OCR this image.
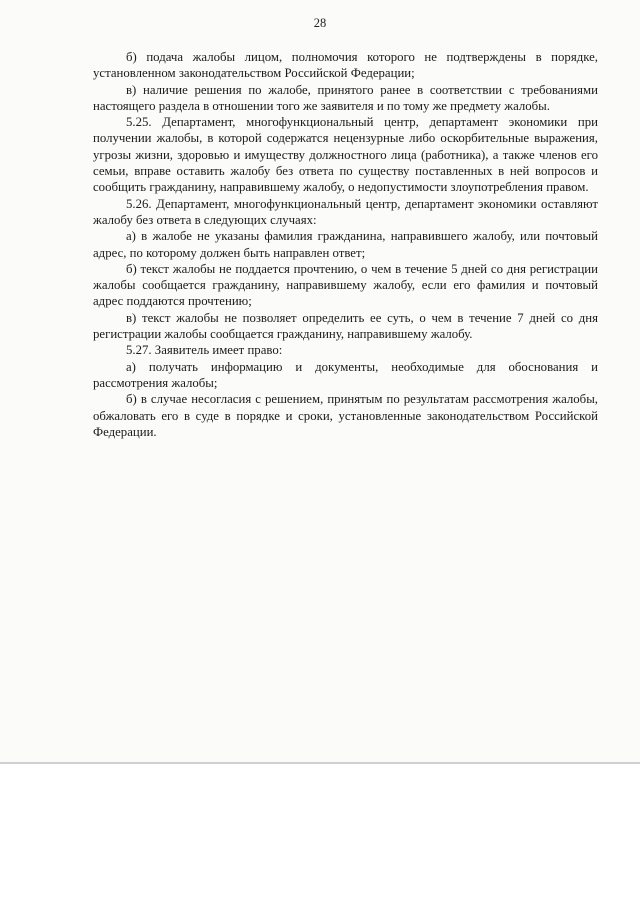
28

б) подача жалобы лицом, полномочия которого не подтверждены в порядке, установленном законодательством Российской Федерации;

в) наличие решения по жалобе, принятого ранее в соответствии с требованиями настоящего раздела в отношении того же заявителя и по тому же предмету жалобы.

5.25. Департамент, многофункциональный центр, департамент экономики при получении жалобы, в которой содержатся нецензурные либо оскорбительные выражения, угрозы жизни, здоровью и имуществу должностного лица (работника), а также членов его семьи, вправе оставить жалобу без ответа по существу поставленных в ней вопросов и сообщить гражданину, направившему жалобу, о недопустимости злоупотребления правом.

5.26. Департамент, многофункциональный центр, департамент экономики оставляют жалобу без ответа в следующих случаях:

а) в жалобе не указаны фамилия гражданина, направившего жалобу, или почтовый адрес, по которому должен быть направлен ответ;

б) текст жалобы не поддается прочтению, о чем в течение 5 дней со дня регистрации жалобы сообщается гражданину, направившему жалобу, если его фамилия и почтовый адрес поддаются прочтению;

в) текст жалобы не позволяет определить ее суть, о чем в течение 7 дней со дня регистрации жалобы сообщается гражданину, направившему жалобу.

5.27. Заявитель имеет право:

а) получать информацию и документы, необходимые для обоснования и рассмотрения жалобы;

б) в случае несогласия с решением, принятым по результатам рассмотрения жалобы, обжаловать его в суде в порядке и сроки, установленные законодательством Российской Федерации.
